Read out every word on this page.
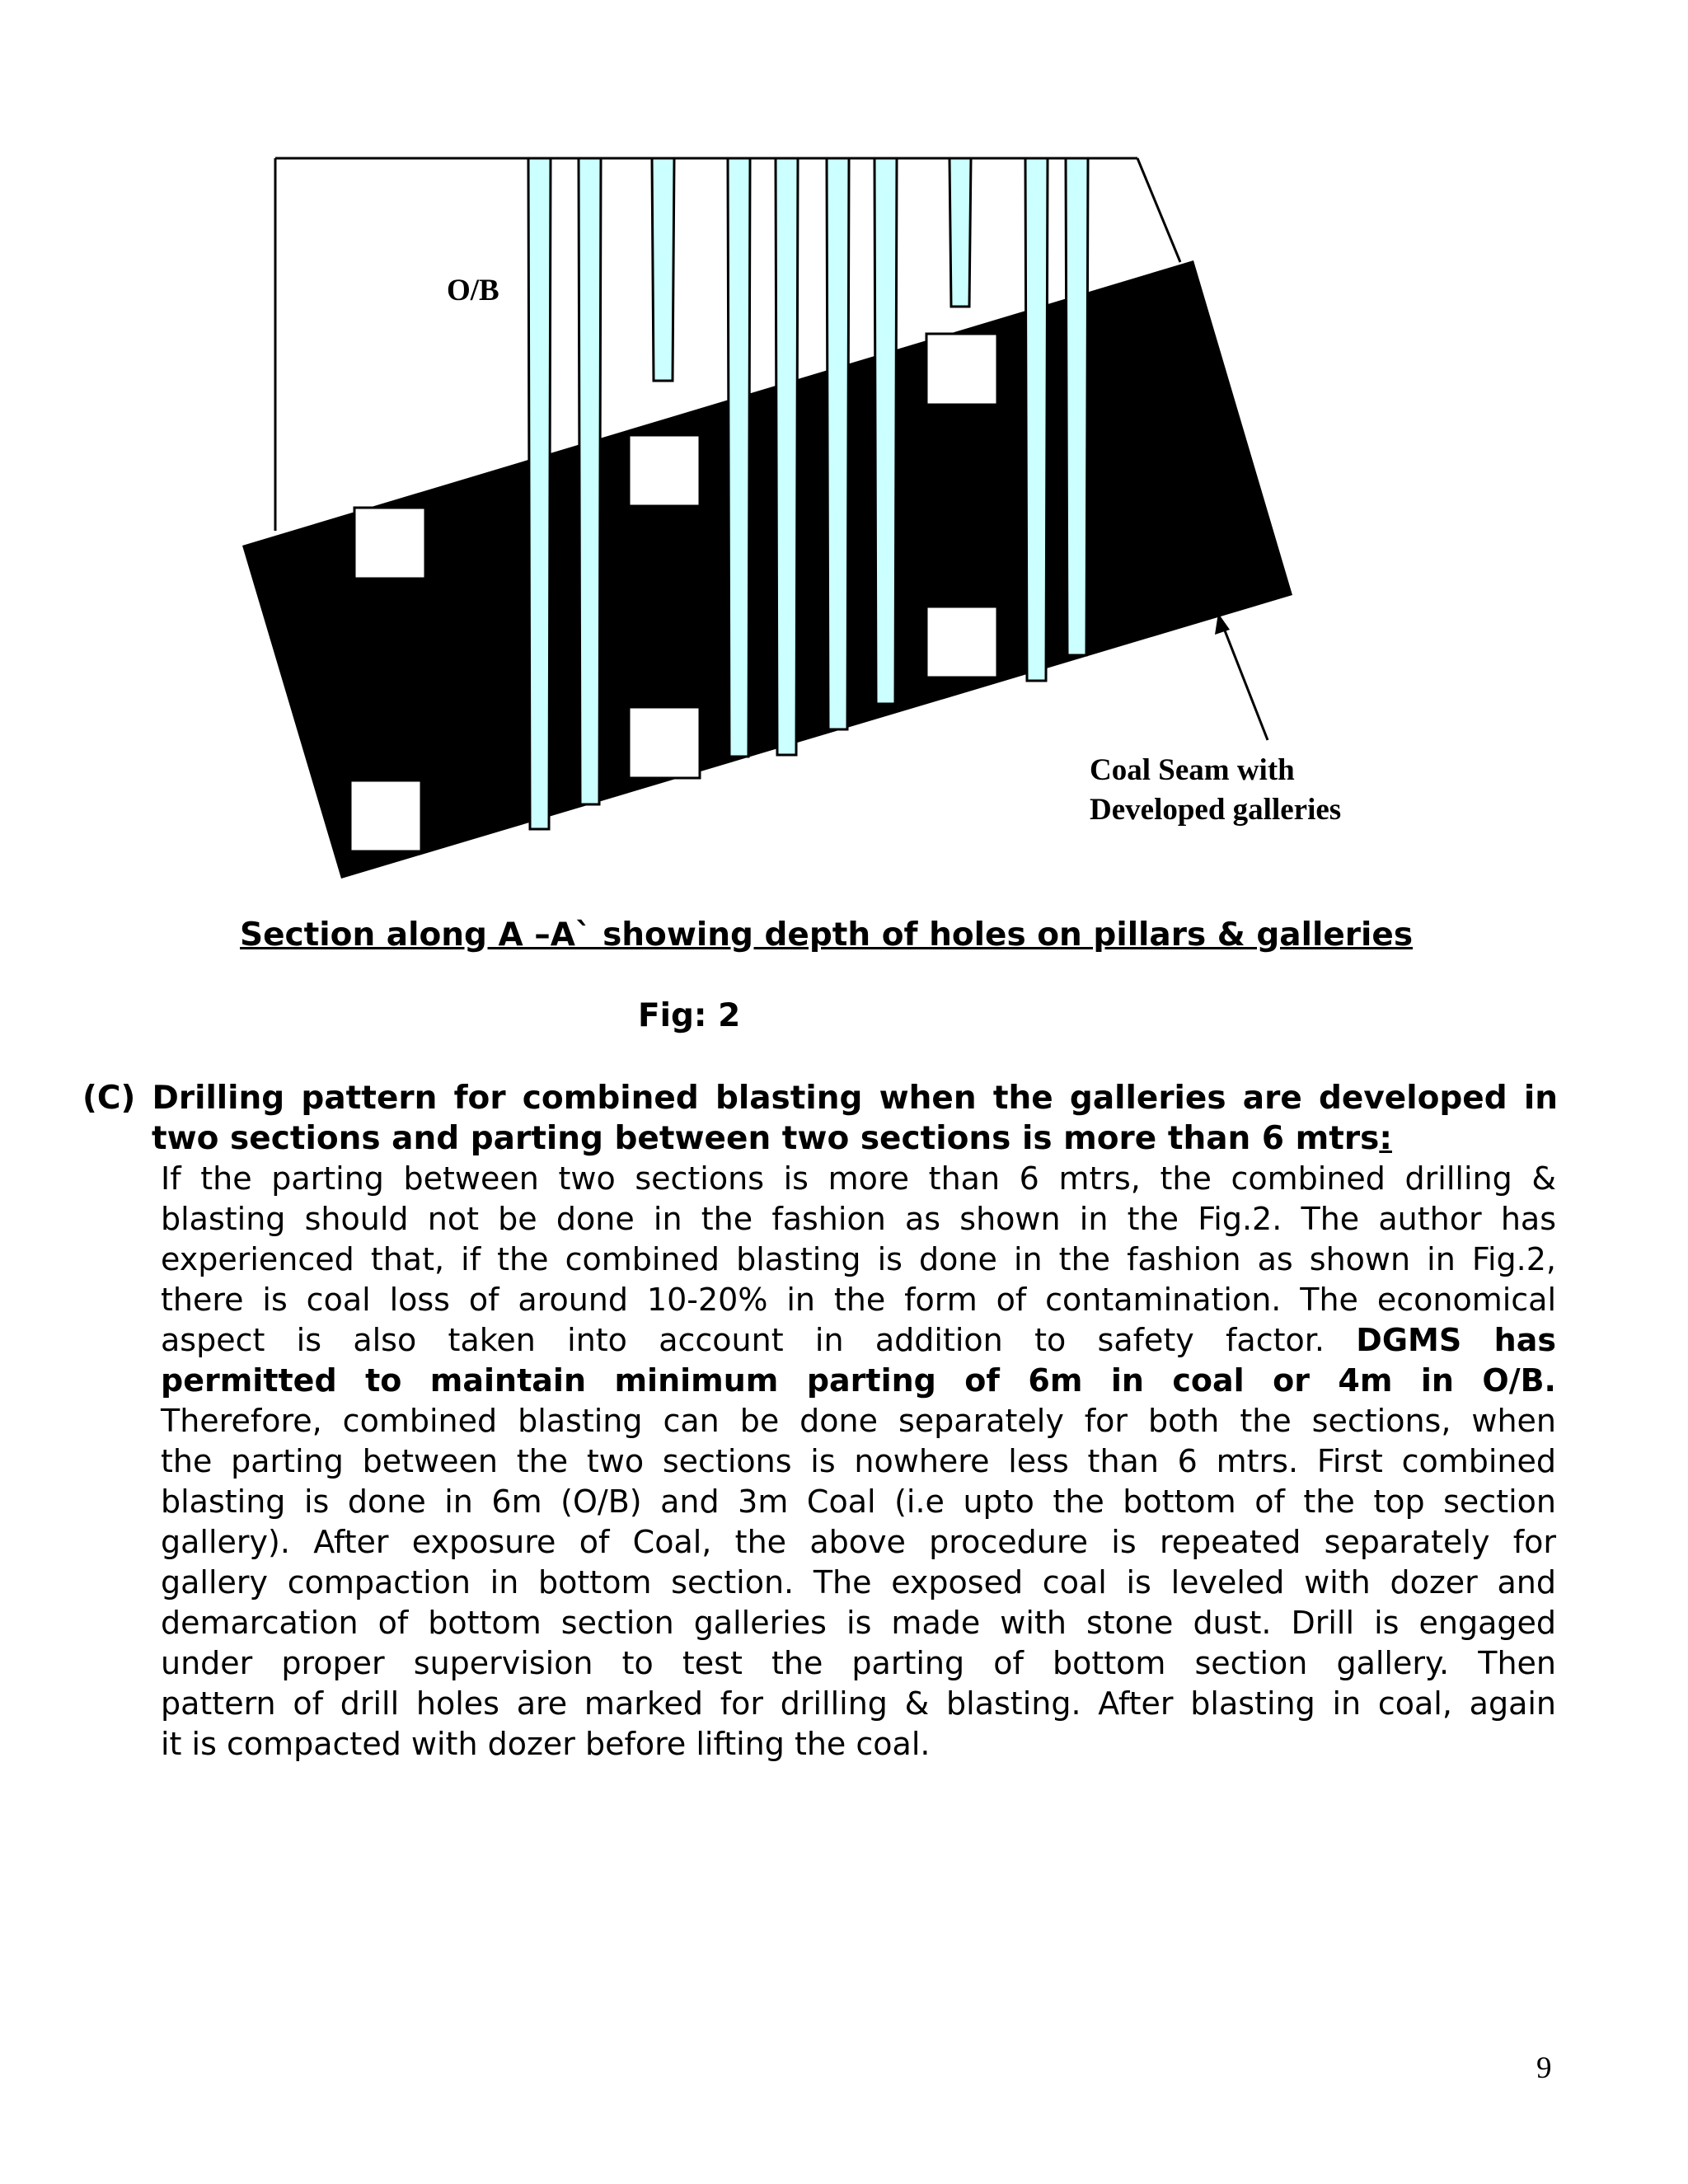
O/B
Coal Seam with
Developed galleries

Section along A –A` showing depth of holes on pillars & galleries

Fig: 2

(C) Drilling pattern for combined blasting when the galleries are developed in
two sections and parting between two sections is more than 6 mtrs:
If the parting between two sections is more than 6 mtrs, the combined drilling &
blasting should not be done in the fashion as shown in the Fig.2. The author has
experienced that, if the combined blasting is done in the fashion as shown in Fig.2,
there is coal loss of around 10-20% in the form of contamination. The economical
aspect is also taken into account in addition to safety factor. DGMS has
permitted to maintain minimum parting of 6m in coal or 4m in O/B.
Therefore, combined blasting can be done separately for both the sections, when
the parting between the two sections is nowhere less than 6 mtrs. First combined
blasting is done in 6m (O/B) and 3m Coal (i.e upto the bottom of the top section
gallery). After exposure of Coal, the above procedure is repeated separately for
gallery compaction in bottom section. The exposed coal is leveled with dozer and
demarcation of bottom section galleries is made with stone dust. Drill is engaged
under proper supervision to test the parting of bottom section gallery. Then
pattern of drill holes are marked for drilling & blasting. After blasting in coal, again
it is compacted with dozer before lifting the coal.

9
